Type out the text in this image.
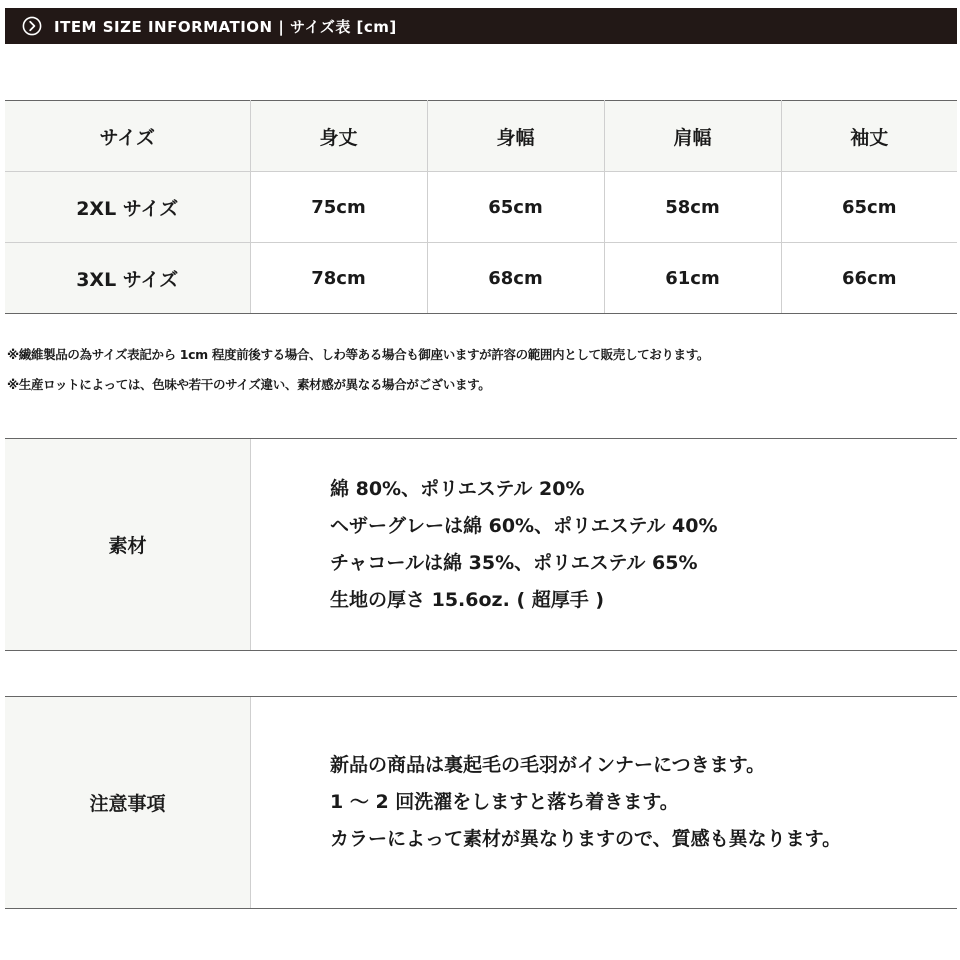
ITEM SIZE INFORMATION | サイズ表 [cm]
サイズ	身丈	身幅	肩幅	袖丈
2XL サイズ	75cm	65cm	58cm	65cm
3XL サイズ	78cm	68cm	61cm	66cm
※繊維製品の為サイズ表記から 1cm 程度前後する場合、しわ等ある場合も御座いますが許容の範囲内として販売しております。
※生産ロットによっては、色味や若干のサイズ違い、素材感が異なる場合がございます。
素材
綿 80%、ポリエステル 20%
ヘザーグレーは綿 60%、ポリエステル 40%
チャコールは綿 35%、ポリエステル 65%
生地の厚さ 15.6oz. ( 超厚手 )
注意事項
新品の商品は裏起毛の毛羽がインナーにつきます。
1 〜 2 回洗濯をしますと落ち着きます。
カラーによって素材が異なりますので、質感も異なります。
